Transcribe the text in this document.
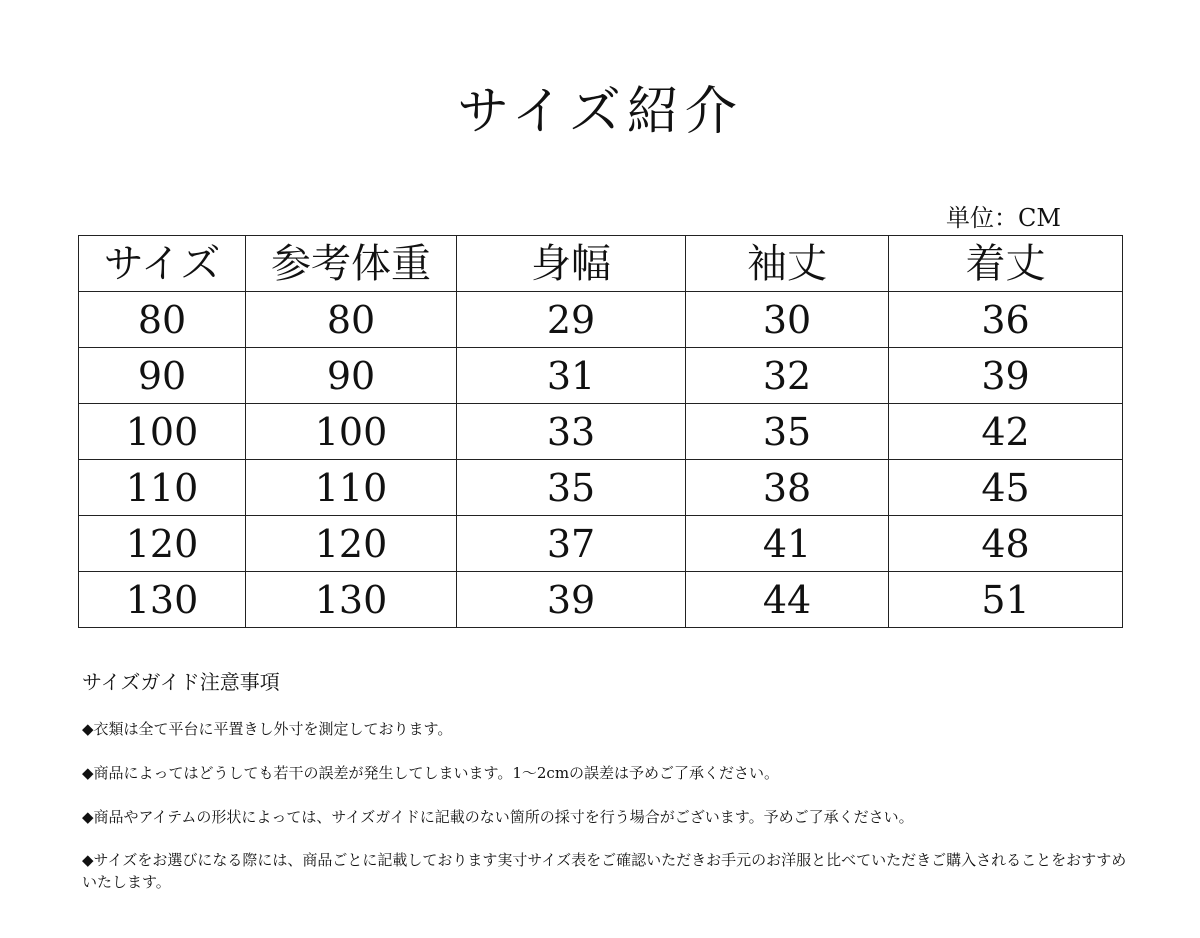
サイズ紹介
単位：CM
サイズ	参考体重	身幅	袖丈	着丈
80	80	29	30	36
90	90	31	32	39
100	100	33	35	42
110	110	35	38	45
120	120	37	41	48
130	130	39	44	51
サイズガイド注意事項
◆衣類は全て平台に平置きし外寸を測定しております。
◆商品によってはどうしても若干の誤差が発生してしまいます。1～2cmの誤差は予めご了承ください。
◆商品やアイテムの形状によっては、サイズガイドに記載のない箇所の採寸を行う場合がございます。予めご了承ください。
◆サイズをお選びになる際には、商品ごとに記載しております実寸サイズ表をご確認いただきお手元のお洋服と比べていただきご購入されることをおすすめいたします。
